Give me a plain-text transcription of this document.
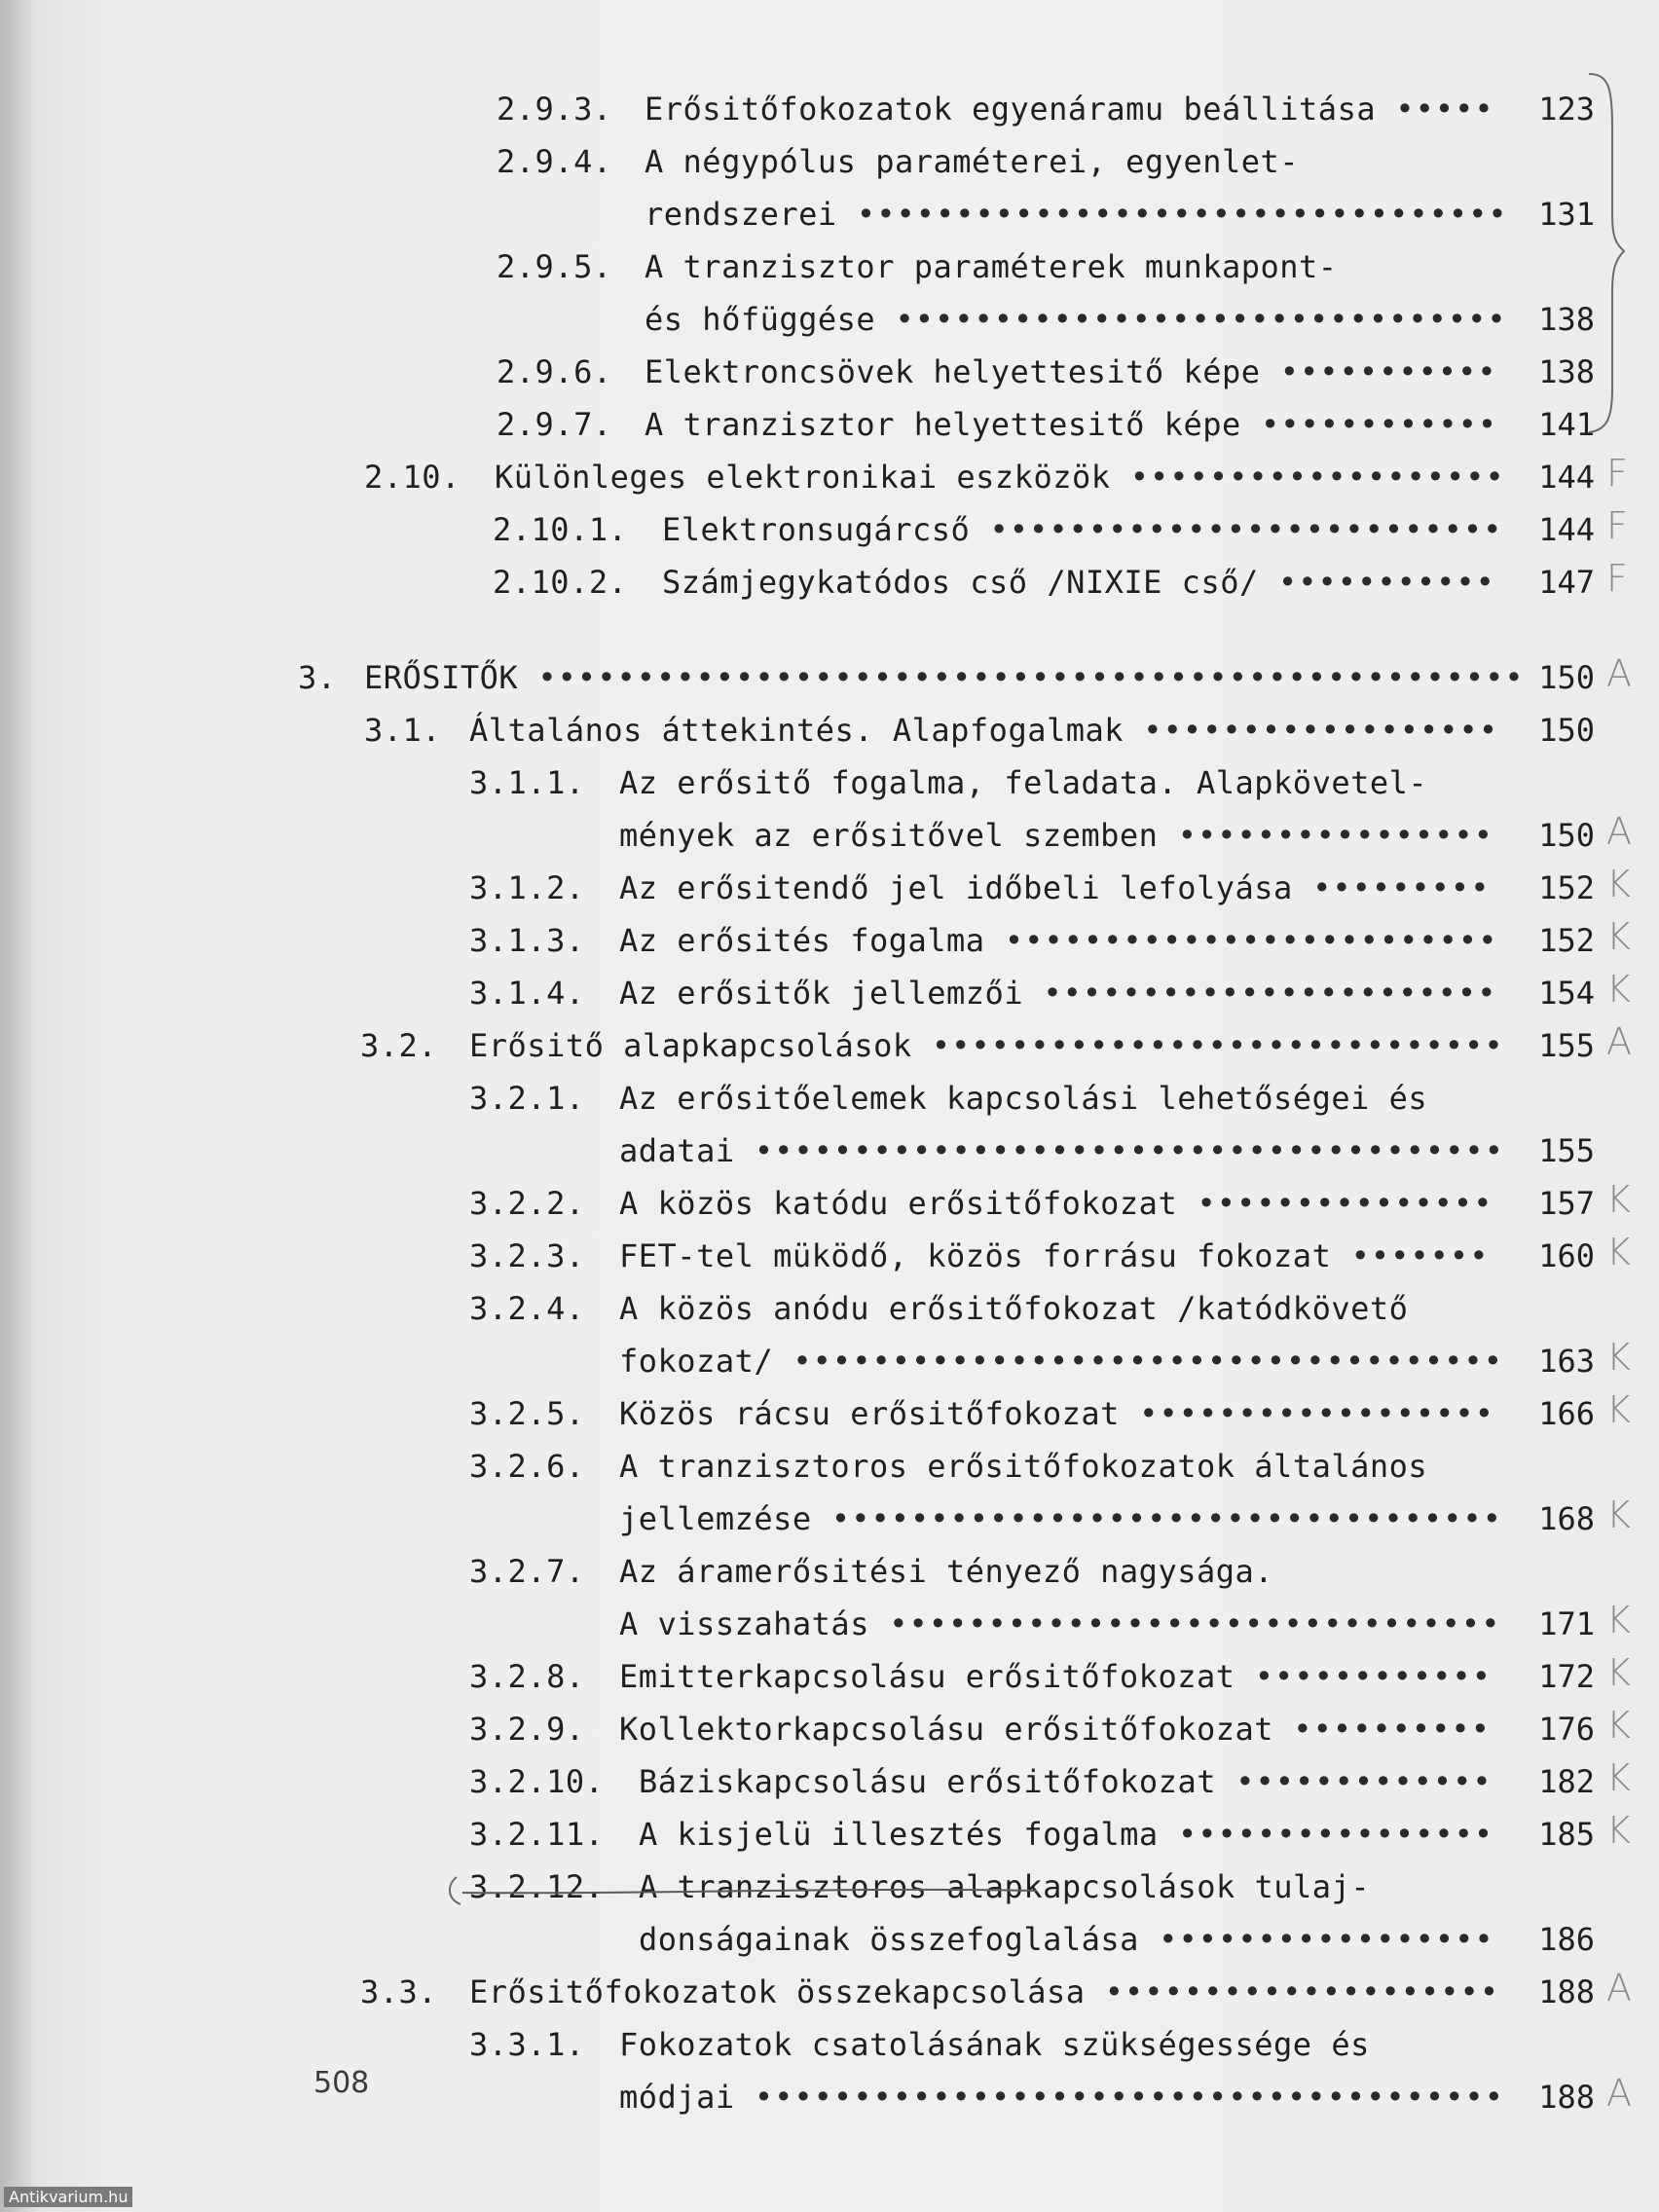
2.9.3. Erősitőfokozatok egyenáramu beállitása •••••	123
2.9.4. A négypólus paraméterei, egyenlet-
rendszerei ••••••••••••••••••••••••••••••••• 131
2.9.5. A tranzisztor paraméterek munkapont-
és hőfüggése •••••••••••••••••••••••••••••••	138
2.9.6. Elektroncsövek helyettesitő képe •••••••••••	138
2.9.7. A tranzisztor helyettesitő képe ••••••••••••	141
2.10. Különleges elektronikai eszközök •••••••••••••••••••	144 F
2.10.1. Elektronsugárcső ••••••••••••••••••••••••••	144 F
2.10.2. Számjegykatódos cső /NIXIE cső/ •••••••••••	147 F
3. ERŐSITŐK •••••••••••••••••••••••••••••••••••••••••••••••••• 150 A
3.1. Általános áttekintés. Alapfogalmak ••••••••••••••••••	150
3.1.1. Az erősitő fogalma, feladata. Alapkövetel-
mények az erősitővel szemben ••••••••••••••••	150 A
3.1.2. Az erősitendő jel időbeli lefolyása •••••••••	152 K
3.1.3. Az erősités fogalma •••••••••••••••••••••••••	152 K
3.1.4. Az erősitők jellemzői •••••••••••••••••••••••	154 K
3.2. Erősitő alapkapcsolások •••••••••••••••••••••••••••••	155 A
3.2.1. Az erősitőelemek kapcsolási lehetőségei és
adatai ••••••••••••••••••••••••••••••••••••••	155
3.2.2. A közös katódu erősitőfokozat •••••••••••••••	157 K
3.2.3. FET-tel müködő, közös forrásu fokozat •••••••	160 K
3.2.4. A közös anódu erősitőfokozat /katódkövető
fokozat/ ••••••••••••••••••••••••••••••••••••	163 K
3.2.5. Közös rácsu erősitőfokozat ••••••••••••••••••	166 K
3.2.6. A tranzisztoros erősitőfokozatok általános
jellemzése ••••••••••••••••••••••••••••••••••	168 K
3.2.7. Az áramerősitési tényező nagysága.
A visszahatás •••••••••••••••••••••••••••••••	171 K
3.2.8. Emitterkapcsolásu erősitőfokozat ••••••••••••	172 K
3.2.9. Kollektorkapcsolásu erősitőfokozat ••••••••••	176 K
3.2.10. Báziskapcsolásu erősitőfokozat •••••••••••••	182 K
3.2.11. A kisjelü illesztés fogalma ••••••••••••••••	185 K
3.2.12. A tranzisztoros alapkapcsolások tulaj-
donságainak összefoglalása •••••••••••••••••	186
3.3. Erősitőfokozatok összekapcsolása ••••••••••••••••••••	188 A
3.3.1. Fokozatok csatolásának szükségessége és
módjai ••••••••••••••••••••••••••••••••••••••	188 A
508
Antikvarium.hu
